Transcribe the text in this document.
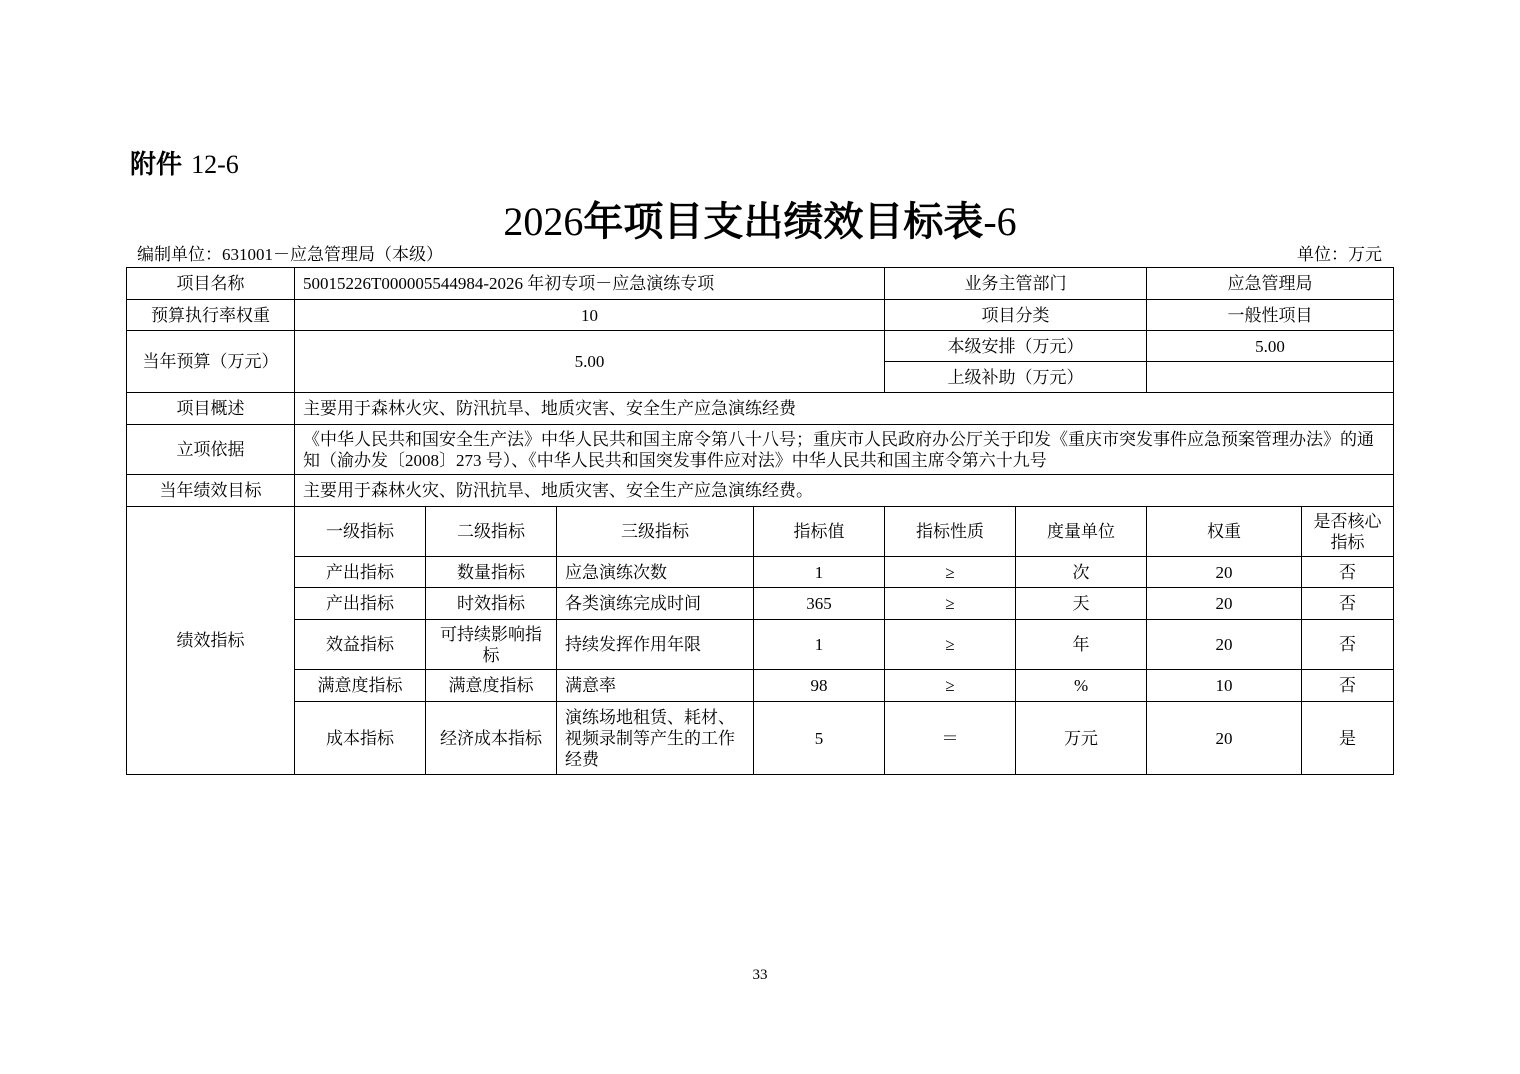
附件 12-6
2026年项目支出绩效目标表-6
编制单位：631001－应急管理局（本级）	单位：万元
项目名称	50015226T000005544984-2026 年初专项－应急演练专项				业务主管部门		应急管理局	
预算执行率权重	10				项目分类		一般性项目	
当年预算（万元）	5.00				本级安排（万元）		5.00	
					上级补助（万元）			
项目概述	主要用于森林火灾、防汛抗旱、地质灾害、安全生产应急演练经费							
立项依据	《中华人民共和国安全生产法》中华人民共和国主席令第八十八号；重庆市人民政府办公厅关于印发《重庆市突发事件应急预案管理办法》的通知（渝办发〔2008〕273 号）、《中华人民共和国突发事件应对法》中华人民共和国主席令第六十九号							
当年绩效目标	主要用于森林火灾、防汛抗旱、地质灾害、安全生产应急演练经费。							
绩效指标	一级指标	二级指标	三级指标	指标值	指标性质	度量单位	权重	是否核心指标
	产出指标	数量指标	应急演练次数	1	≥	次	20	否
	产出指标	时效指标	各类演练完成时间	365	≥	天	20	否
	效益指标	可持续影响指标	持续发挥作用年限	1	≥	年	20	否
	满意度指标	满意度指标	满意率	98	≥	%	10	否
	成本指标	经济成本指标	演练场地租赁、耗材、视频录制等产生的工作经费	5	＝	万元	20	是
33
